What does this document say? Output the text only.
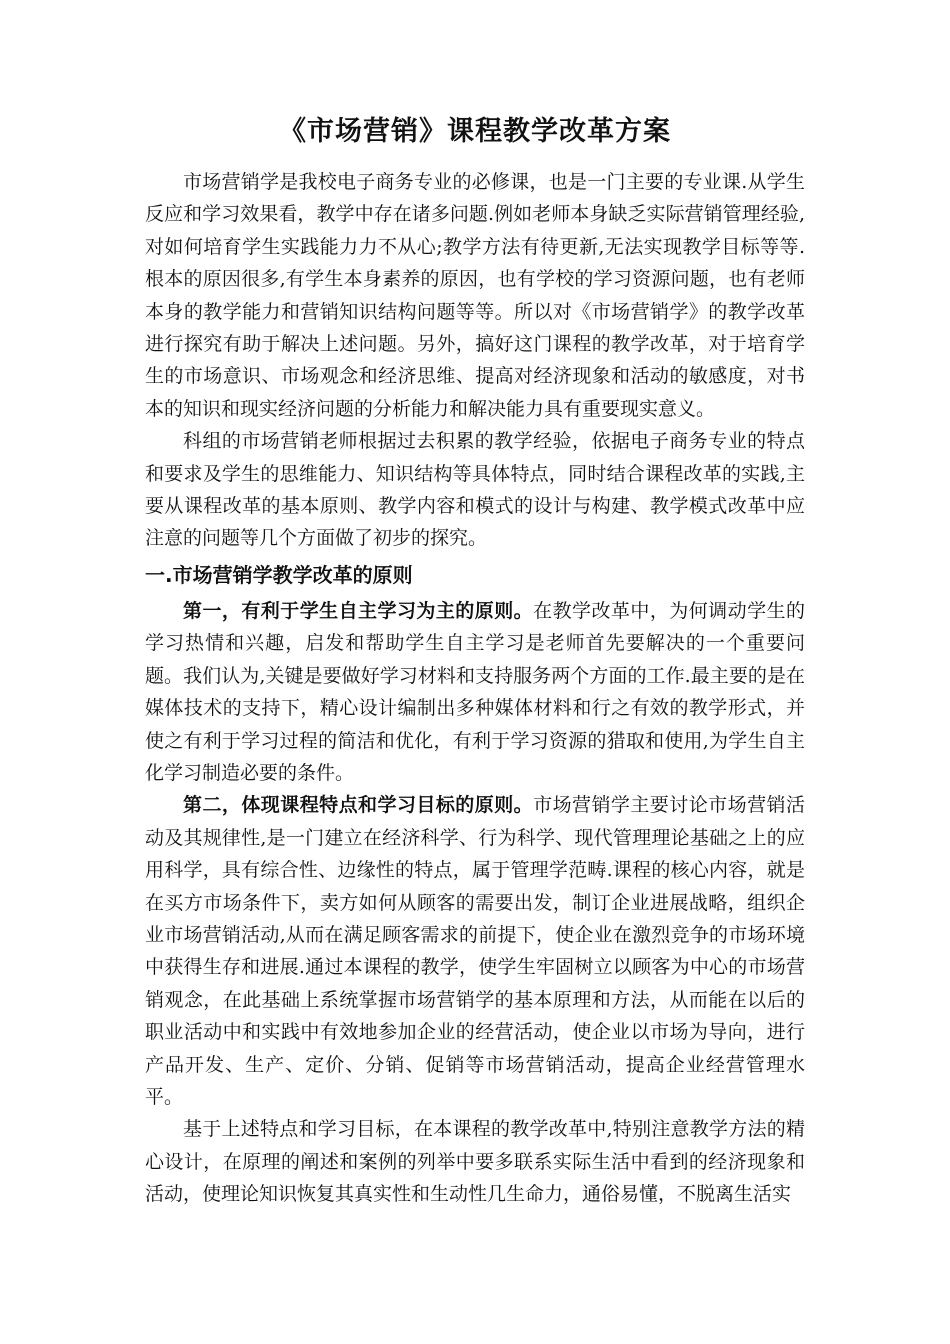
《市场营销》课程教学改革方案

市场营销学是我校电子商务专业的必修课，也是一门主要的专业课.从学生反应和学习效果看，教学中存在诸多问题.例如老师本身缺乏实际营销管理经验,对如何培育学生实践能力力不从心;教学方法有待更新,无法实现教学目标等等.根本的原因很多,有学生本身素养的原因，也有学校的学习资源问题，也有老师本身的教学能力和营销知识结构问题等等。所以对《市场营销学》的教学改革进行探究有助于解决上述问题。另外，搞好这门课程的教学改革，对于培育学生的市场意识、市场观念和经济思维、提高对经济现象和活动的敏感度，对书本的知识和现实经济问题的分析能力和解决能力具有重要现实意义。

科组的市场营销老师根据过去积累的教学经验，依据电子商务专业的特点和要求及学生的思维能力、知识结构等具体特点，同时结合课程改革的实践,主要从课程改革的基本原则、教学内容和模式的设计与构建、教学模式改革中应注意的问题等几个方面做了初步的探究。

一.市场营销学教学改革的原则

第一，有利于学生自主学习为主的原则。在教学改革中，为何调动学生的学习热情和兴趣，启发和帮助学生自主学习是老师首先要解决的一个重要问题。我们认为,关键是要做好学习材料和支持服务两个方面的工作.最主要的是在媒体技术的支持下，精心设计编制出多种媒体材料和行之有效的教学形式，并使之有利于学习过程的简洁和优化，有利于学习资源的猎取和使用,为学生自主化学习制造必要的条件。

第二，体现课程特点和学习目标的原则。市场营销学主要讨论市场营销活动及其规律性,是一门建立在经济科学、行为科学、现代管理理论基础之上的应用科学，具有综合性、边缘性的特点，属于管理学范畴.课程的核心内容，就是在买方市场条件下，卖方如何从顾客的需要出发，制订企业进展战略，组织企业市场营销活动,从而在满足顾客需求的前提下，使企业在激烈竞争的市场环境中获得生存和进展.通过本课程的教学，使学生牢固树立以顾客为中心的市场营销观念，在此基础上系统掌握市场营销学的基本原理和方法，从而能在以后的职业活动中和实践中有效地参加企业的经营活动，使企业以市场为导向，进行产品开发、生产、定价、分销、促销等市场营销活动，提高企业经营管理水平。

基于上述特点和学习目标，在本课程的教学改革中,特别注意教学方法的精心设计，在原理的阐述和案例的列举中要多联系实际生活中看到的经济现象和活动，使理论知识恢复其真实性和生动性几生命力，通俗易懂，不脱离生活实
